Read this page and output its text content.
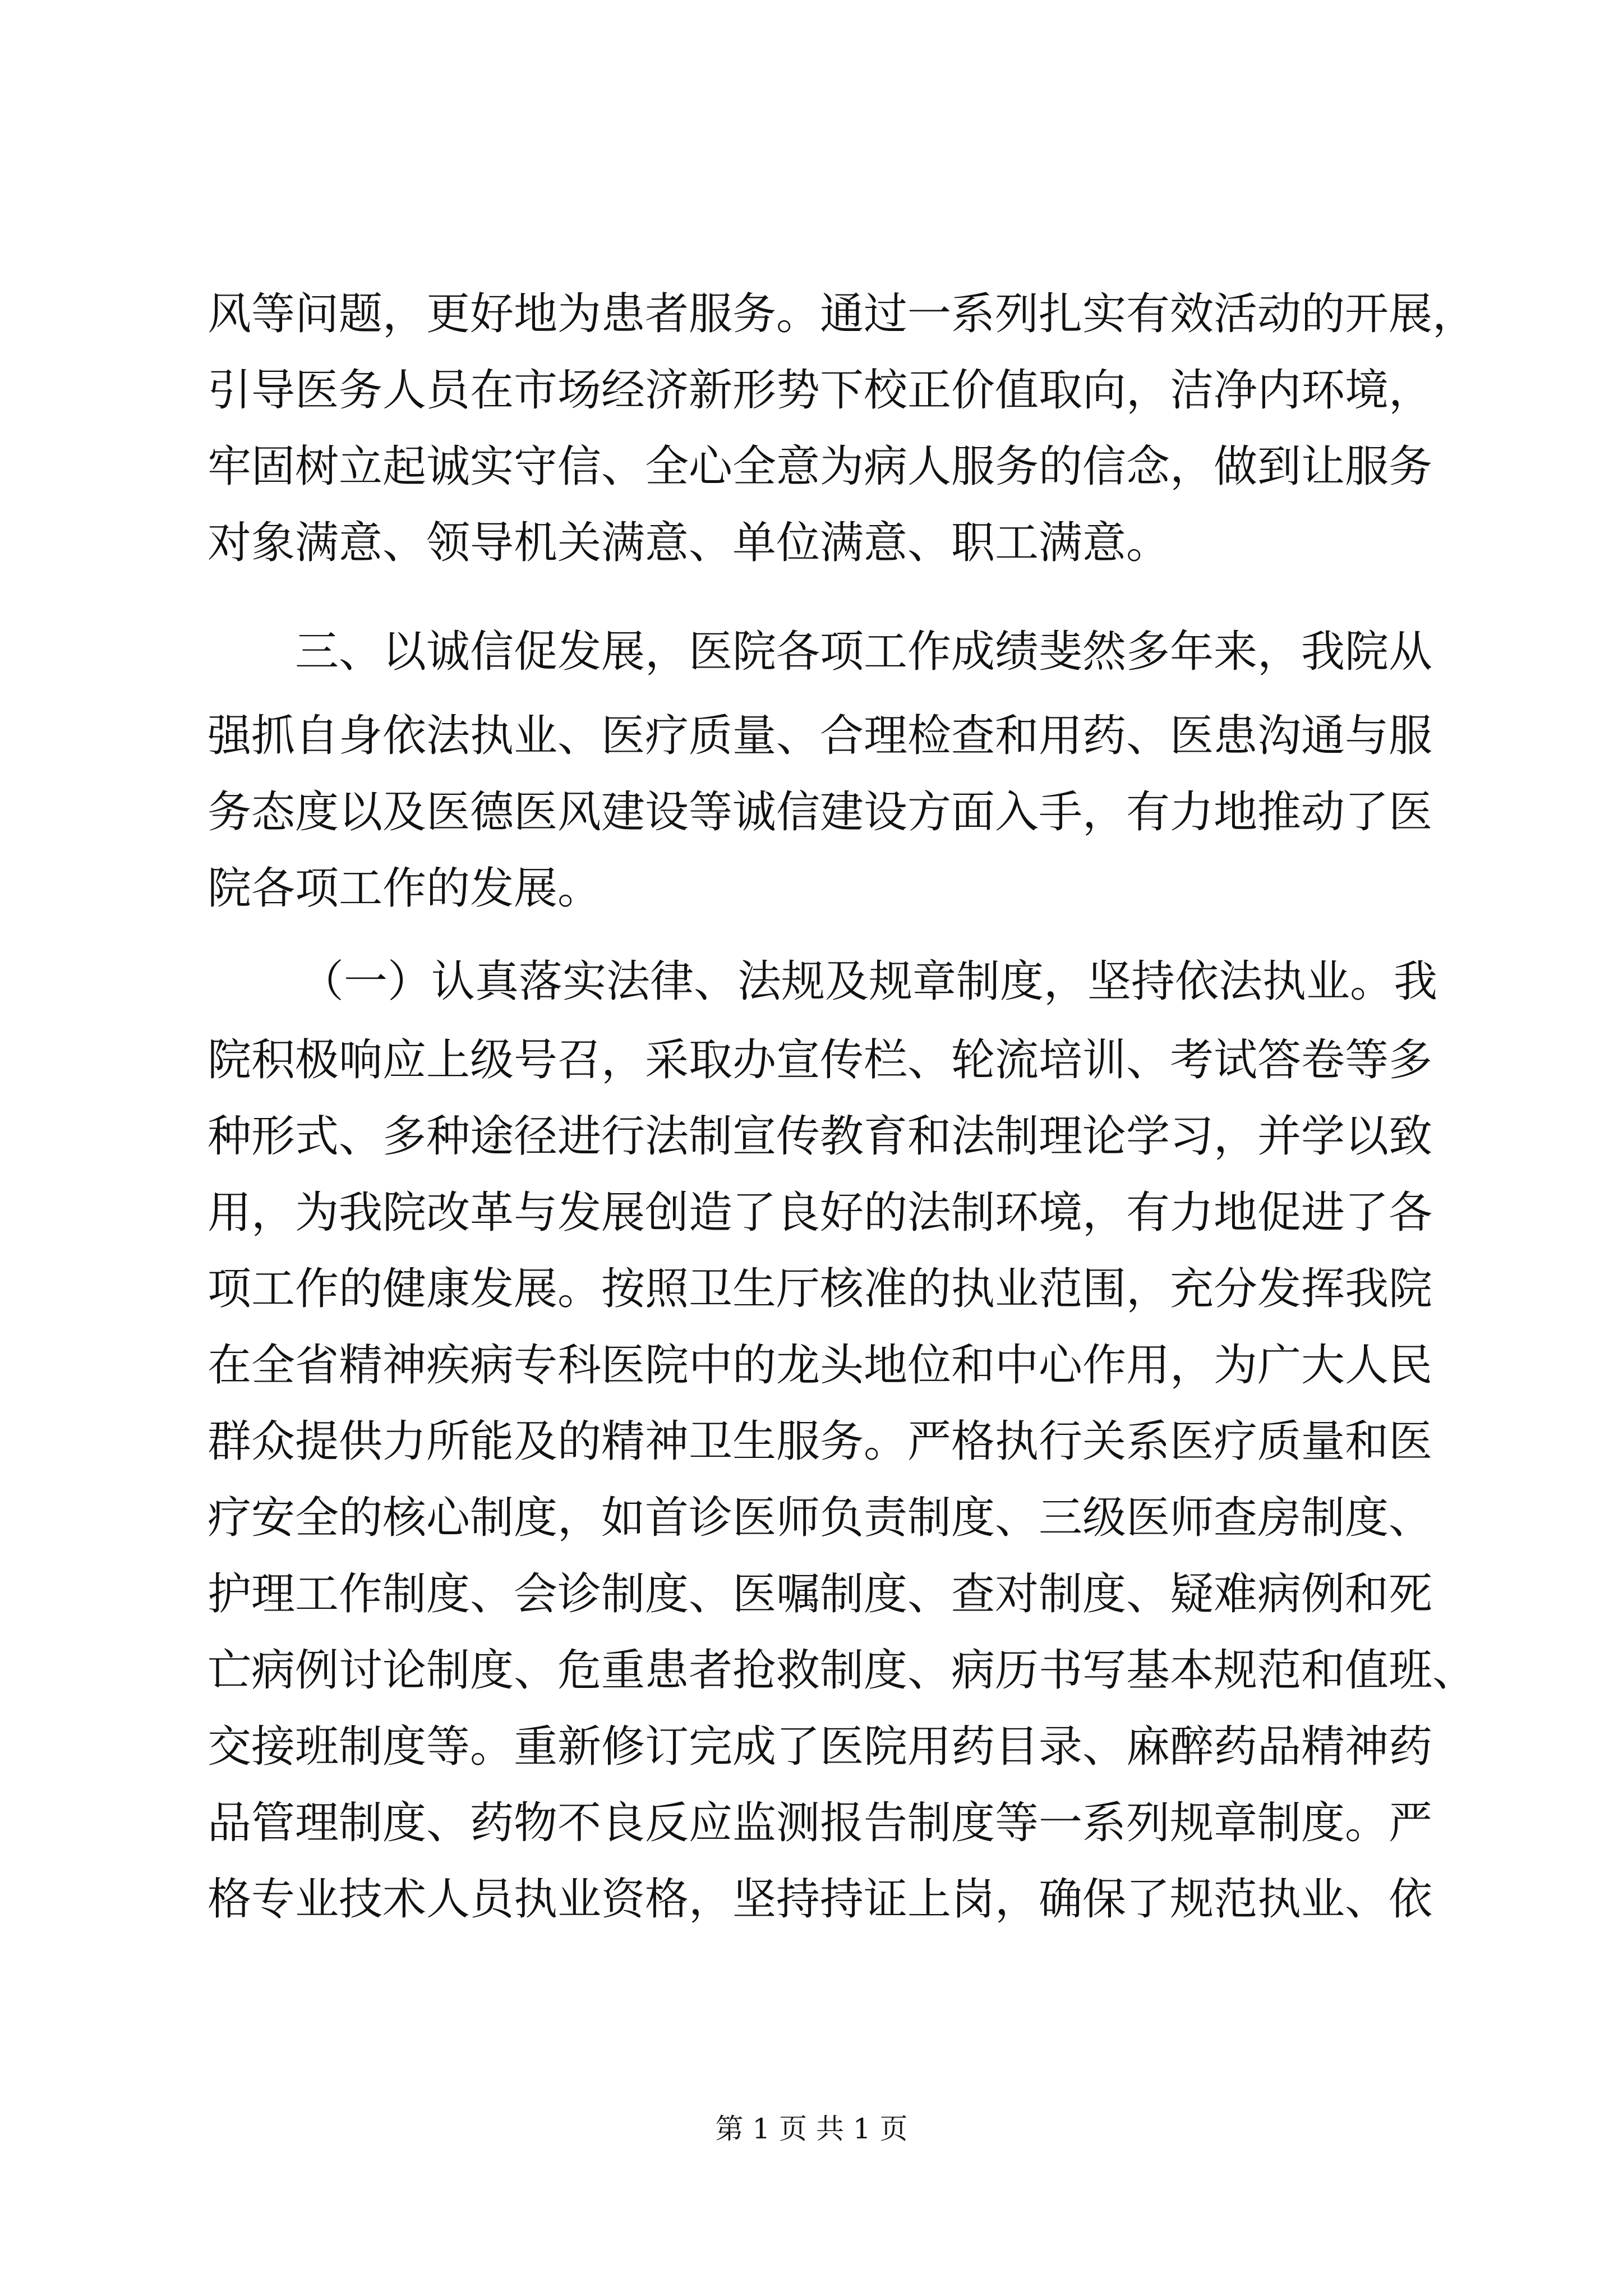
风等问题，更好地为患者服务。通过一系列扎实有效活动的开展，
引导医务人员在市场经济新形势下校正价值取向，洁净内环境，
牢固树立起诚实守信、全心全意为病人服务的信念，做到让服务
对象满意、领导机关满意、单位满意、职工满意。
三、以诚信促发展，医院各项工作成绩斐然多年来，我院从
强抓自身依法执业、医疗质量、合理检查和用药、医患沟通与服
务态度以及医德医风建设等诚信建设方面入手，有力地推动了医
院各项工作的发展。
（一）认真落实法律、法规及规章制度，坚持依法执业。我
院积极响应上级号召，采取办宣传栏、轮流培训、考试答卷等多
种形式、多种途径进行法制宣传教育和法制理论学习，并学以致
用，为我院改革与发展创造了良好的法制环境，有力地促进了各
项工作的健康发展。按照卫生厅核准的执业范围，充分发挥我院
在全省精神疾病专科医院中的龙头地位和中心作用，为广大人民
群众提供力所能及的精神卫生服务。严格执行关系医疗质量和医
疗安全的核心制度，如首诊医师负责制度、三级医师查房制度、
护理工作制度、会诊制度、医嘱制度、查对制度、疑难病例和死
亡病例讨论制度、危重患者抢救制度、病历书写基本规范和值班、
交接班制度等。重新修订完成了医院用药目录、麻醉药品精神药
品管理制度、药物不良反应监测报告制度等一系列规章制度。严
格专业技术人员执业资格，坚持持证上岗，确保了规范执业、依
第 1 页 共 1 页
